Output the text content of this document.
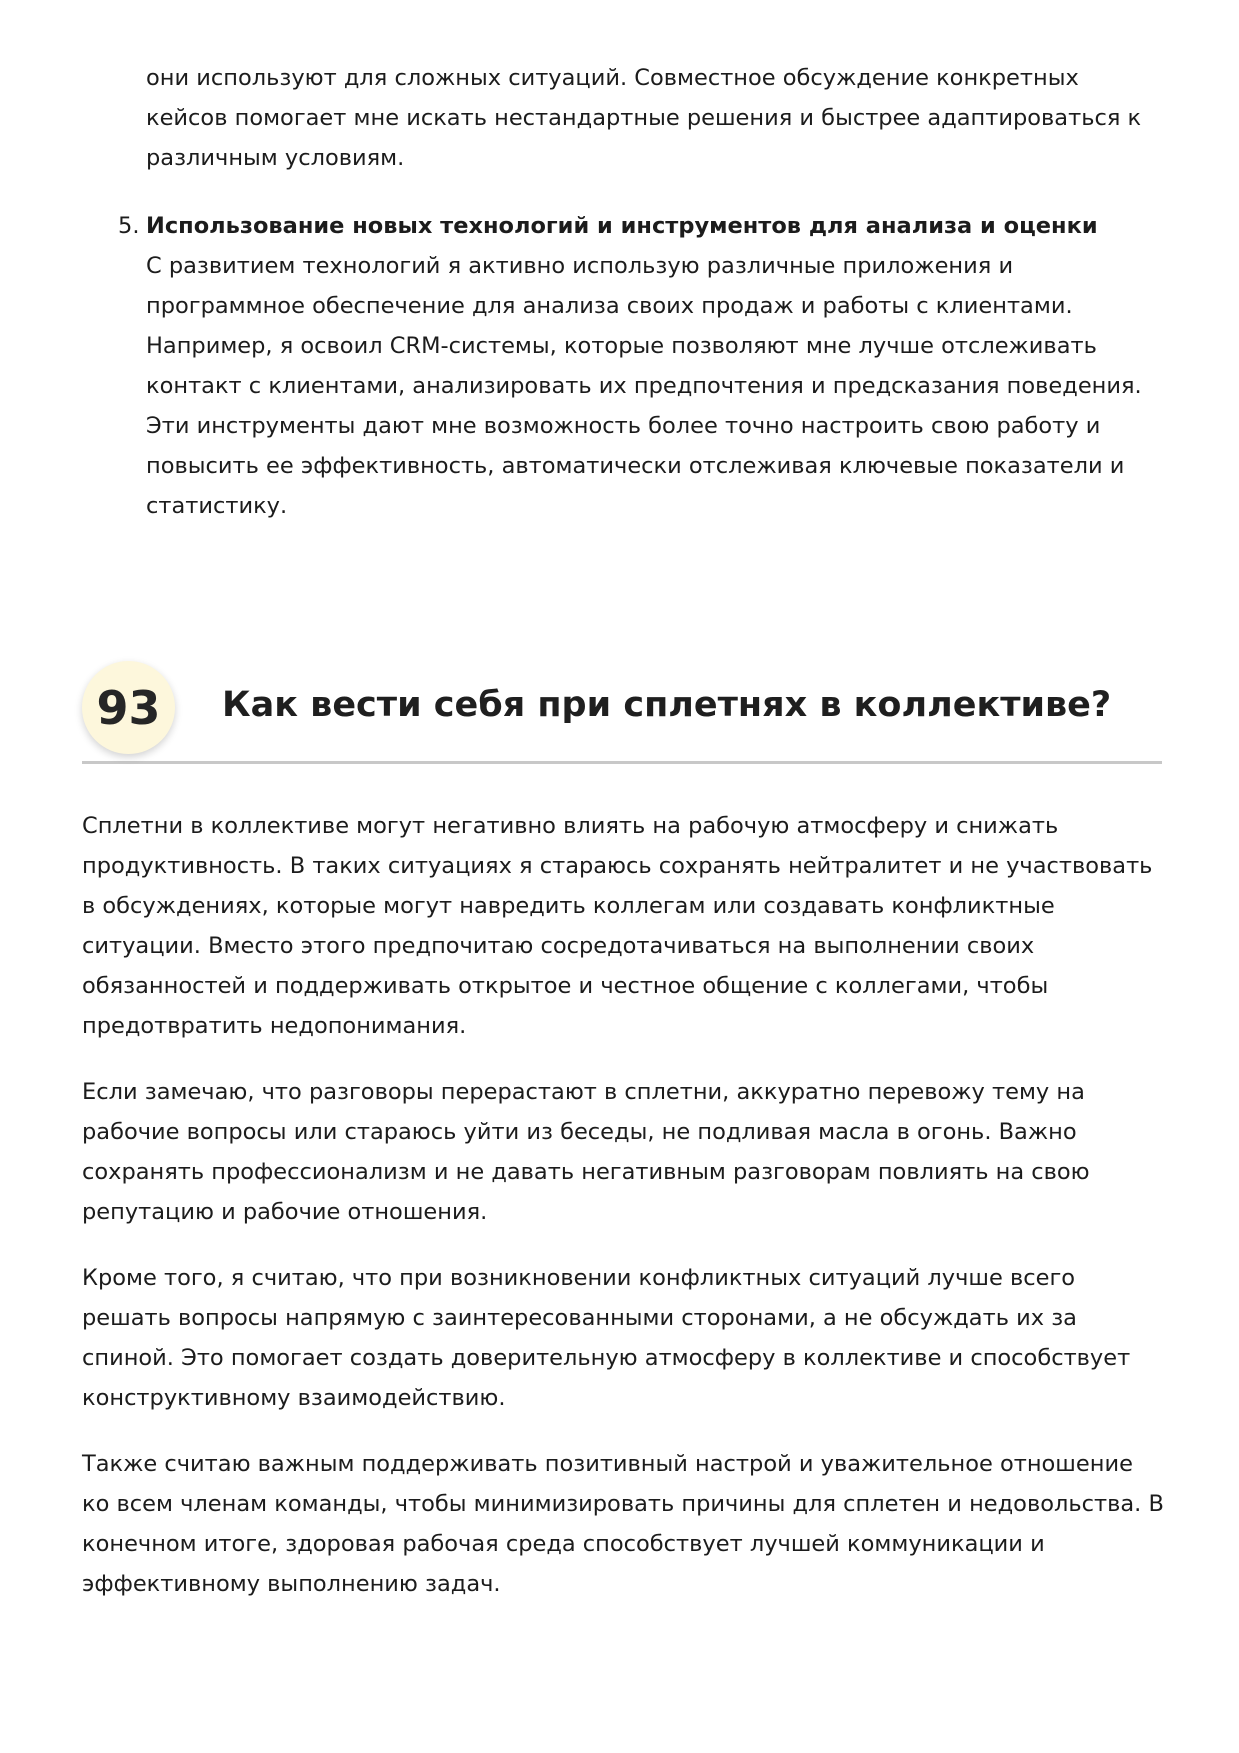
они используют для сложных ситуаций. Совместное обсуждение конкретных кейсов помогает мне искать нестандартные решения и быстрее адаптироваться к различным условиям.
5. Использование новых технологий и инструментов для анализа и оценки
С развитием технологий я активно использую различные приложения и программное обеспечение для анализа своих продаж и работы с клиентами. Например, я освоил CRM-системы, которые позволяют мне лучше отслеживать контакт с клиентами, анализировать их предпочтения и предсказания поведения. Эти инструменты дают мне возможность более точно настроить свою работу и повысить ее эффективность, автоматически отслеживая ключевые показатели и статистику.
93	Как вести себя при сплетнях в коллективе?

Сплетни в коллективе могут негативно влиять на рабочую атмосферу и снижать продуктивность. В таких ситуациях я стараюсь сохранять нейтралитет и не участвовать в обсуждениях, которые могут навредить коллегам или создавать конфликтные ситуации. Вместо этого предпочитаю сосредотачиваться на выполнении своих обязанностей и поддерживать открытое и честное общение с коллегами, чтобы предотвратить недопонимания.

Если замечаю, что разговоры перерастают в сплетни, аккуратно перевожу тему на рабочие вопросы или стараюсь уйти из беседы, не подливая масла в огонь. Важно сохранять профессионализм и не давать негативным разговорам повлиять на свою репутацию и рабочие отношения.

Кроме того, я считаю, что при возникновении конфликтных ситуаций лучше всего решать вопросы напрямую с заинтересованными сторонами, а не обсуждать их за спиной. Это помогает создать доверительную атмосферу в коллективе и способствует конструктивному взаимодействию.

Также считаю важным поддерживать позитивный настрой и уважительное отношение ко всем членам команды, чтобы минимизировать причины для сплетен и недовольства. В конечном итоге, здоровая рабочая среда способствует лучшей коммуникации и эффективному выполнению задач.
